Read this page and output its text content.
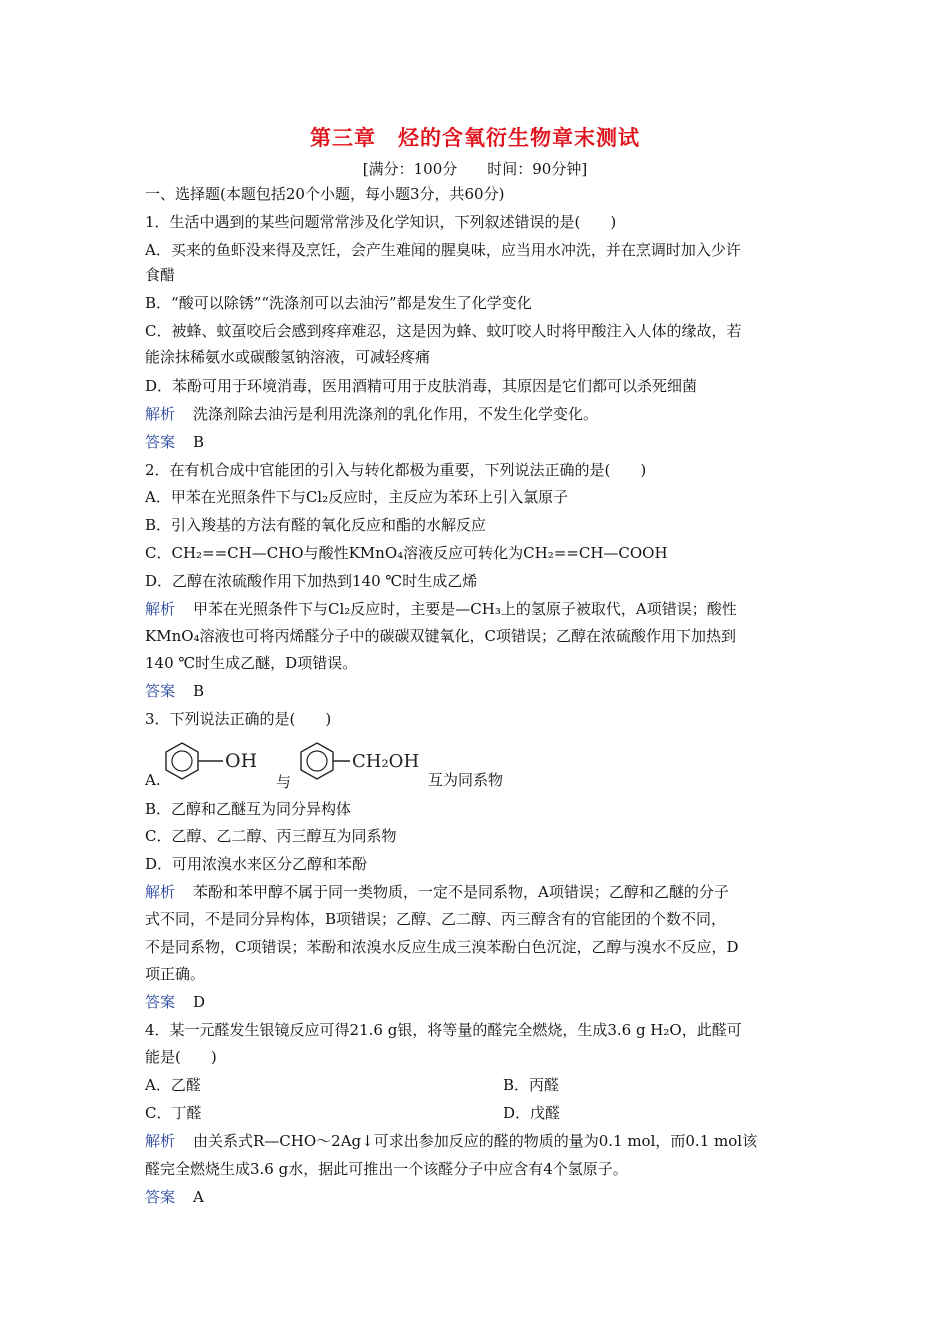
第三章　烃的含氧衍生物章末测试
[满分：100分　　时间：90分钟]
一、选择题(本题包括20个小题，每小题3分，共60分)
1．生活中遇到的某些问题常常涉及化学知识，下列叙述错误的是(　　)
A．买来的鱼虾没来得及烹饪，会产生难闻的腥臭味，应当用水冲洗，并在烹调时加入少许
食醋
B．“酸可以除锈”“洗涤剂可以去油污”都是发生了化学变化
C．被蜂、蚊虿咬后会感到疼痒难忍，这是因为蜂、蚊叮咬人时将甲酸注入人体的缘故，若
能涂抹稀氨水或碳酸氢钠溶液，可减轻疼痛
D．苯酚可用于环境消毒，医用酒精可用于皮肤消毒，其原因是它们都可以杀死细菌
解析 洗涤剂除去油污是利用洗涤剂的乳化作用，不发生化学变化。
答案 B
2．在有机合成中官能团的引入与转化都极为重要，下列说法正确的是(　　)
A．甲苯在光照条件下与Cl₂反应时，主反应为苯环上引入氯原子
B．引入羧基的方法有醛的氧化反应和酯的水解反应
C．CH₂==CH—CHO与酸性KMnO₄溶液反应可转化为CH₂==CH—COOH
D．乙醇在浓硫酸作用下加热到140 ℃时生成乙烯
解析 甲苯在光照条件下与Cl₂反应时，主要是—CH₃上的氢原子被取代，A项错误；酸性
KMnO₄溶液也可将丙烯醛分子中的碳碳双键氧化，C项错误；乙醇在浓硫酸作用下加热到
140 ℃时生成乙醚，D项错误。
答案 B
3．下列说法正确的是(　　)
A.
OH
与
CH₂OH
互为同系物
B．乙醇和乙醚互为同分异构体
C．乙醇、乙二醇、丙三醇互为同系物
D．可用浓溴水来区分乙醇和苯酚
解析 苯酚和苯甲醇不属于同一类物质，一定不是同系物，A项错误；乙醇和乙醚的分子
式不同，不是同分异构体，B项错误；乙醇、乙二醇、丙三醇含有的官能团的个数不同，
不是同系物，C项错误；苯酚和浓溴水反应生成三溴苯酚白色沉淀，乙醇与溴水不反应，D
项正确。
答案 D
4．某一元醛发生银镜反应可得21.6 g银，将等量的醛完全燃烧，生成3.6 g H₂O，此醛可
能是(　　)
A．乙醛	B．丙醛
C．丁醛	D．戊醛
解析 由关系式R—CHO～2Ag↓可求出参加反应的醛的物质的量为0.1 mol，而0.1 mol该
醛完全燃烧生成3.6 g水，据此可推出一个该醛分子中应含有4个氢原子。
答案 A
